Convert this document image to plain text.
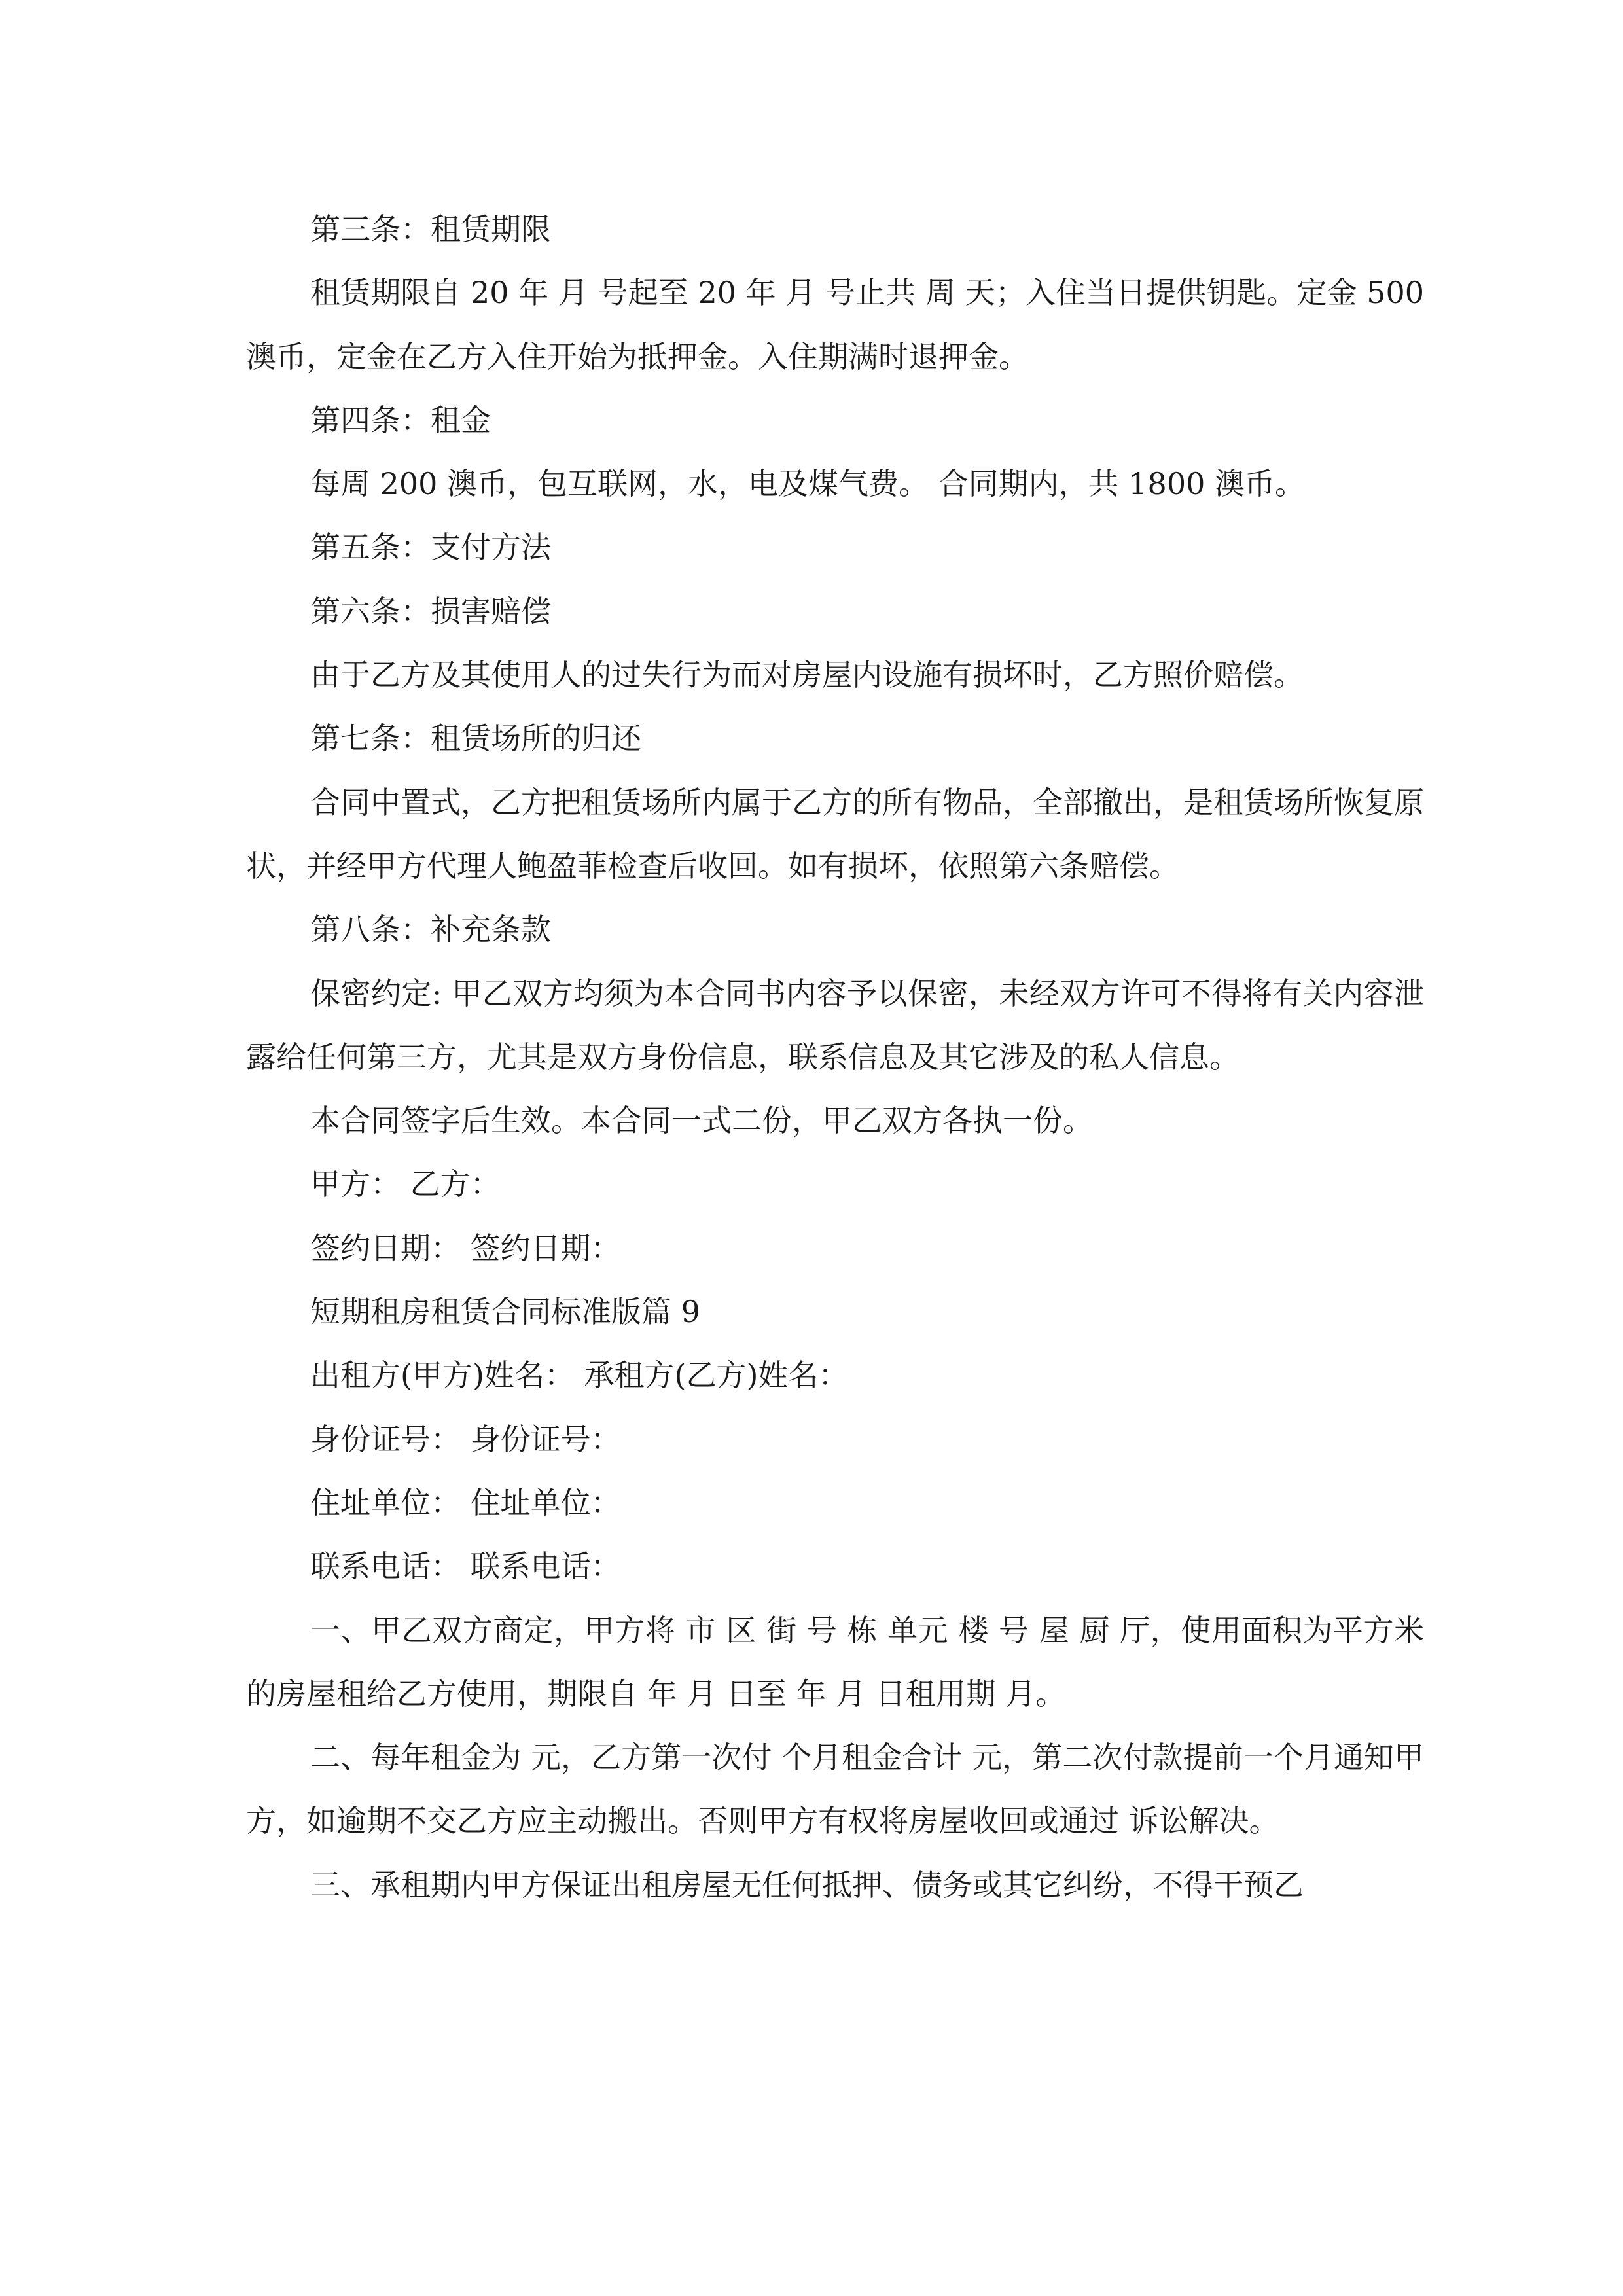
第三条：租赁期限

租赁期限自 20 年 月 号起至 20 年 月 号止共 周 天；入住当日提供钥匙。定金 500 澳币，定金在乙方入住开始为抵押金。入住期满时退押金。

第四条：租金

每周 200 澳币，包互联网，水，电及煤气费。 合同期内，共 1800 澳币。

第五条：支付方法

第六条：损害赔偿

由于乙方及其使用人的过失行为而对房屋内设施有损坏时，乙方照价赔偿。

第七条：租赁场所的归还

合同中置式，乙方把租赁场所内属于乙方的所有物品，全部撤出，是租赁场所恢复原状，并经甲方代理人鲍盈菲检查后收回。如有损坏，依照第六条赔偿。

第八条：补充条款

保密约定: 甲乙双方均须为本合同书内容予以保密，未经双方许可不得将有关内容泄露给任何第三方，尤其是双方身份信息，联系信息及其它涉及的私人信息。

本合同签字后生效。本合同一式二份，甲乙双方各执一份。

甲方： 乙方：

签约日期： 签约日期：

短期租房租赁合同标准版篇 9

出租方(甲方)姓名： 承租方(乙方)姓名：

身份证号： 身份证号：

住址单位： 住址单位：

联系电话： 联系电话：

一、甲乙双方商定，甲方将 市 区 街 号 栋 单元 楼 号 屋 厨 厅，使用面积为平方米的房屋租给乙方使用，期限自 年 月 日至 年 月 日租用期 月。

二、每年租金为 元，乙方第一次付 个月租金合计 元，第二次付款提前一个月通知甲方，如逾期不交乙方应主动搬出。否则甲方有权将房屋收回或通过 诉讼解决。

三、承租期内甲方保证出租房屋无任何抵押、债务或其它纠纷，不得干预乙
